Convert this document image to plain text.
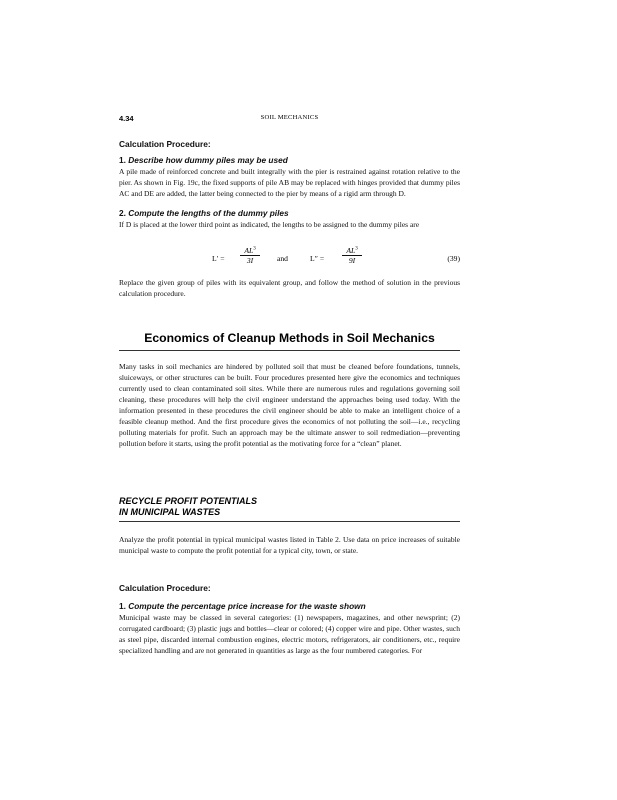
4.34	SOIL MECHANICS
Calculation Procedure:
1. Describe how dummy piles may be used

A pile made of reinforced concrete and built integrally with the pier is restrained against rotation relative to the pier. As shown in Fig. 19c, the fixed supports of pile AB may be replaced with hinges provided that dummy piles AC and DE are added, the latter being connected to the pier by means of a rigid arm through D.

2. Compute the lengths of the dummy piles

If D is placed at the lower third point as indicated, the lengths to be assigned to the dummy piles are

$L' = \frac{AL^3}{3I}$ and	$L'' = \frac{AL^3}{9I}$	(39)

Replace the given group of piles with its equivalent group, and follow the method of solution in the previous calculation procedure.

Economics of Cleanup Methods in Soil Mechanics

Many tasks in soil mechanics are hindered by polluted soil that must be cleaned before foundations, tunnels, sluiceways, or other structures can be built. Four procedures presented here give the economics and techniques currently used to clean contaminated soil sites. While there are numerous rules and regulations governing soil cleaning, these procedures will help the civil engineer understand the approaches being used today. With the information presented in these procedures the civil engineer should be able to make an intelligent choice of a feasible cleanup method. And the first procedure gives the economics of not polluting the soil—i.e., recycling polluting materials for profit. Such an approach may be the ultimate answer to soil redmediation—preventing pollution before it starts, using the profit potential as the motivating force for a “clean” planet.

RECYCLE PROFIT POTENTIALS
IN MUNICIPAL WASTES

Analyze the profit potential in typical municipal wastes listed in Table 2. Use data on price increases of suitable municipal waste to compute the profit potential for a typical city, town, or state.

Calculation Procedure:
1. Compute the percentage price increase for the waste shown

Municipal waste may be classed in several categories: (1) newspapers, magazines, and other newsprint; (2) corrugated cardboard; (3) plastic jugs and bottles—clear or colored; (4) copper wire and pipe. Other wastes, such as steel pipe, discarded internal combustion engines, electric motors, refrigerators, air conditioners, etc., require specialized handling and are not generated in quantities as large as the four numbered categories. For
